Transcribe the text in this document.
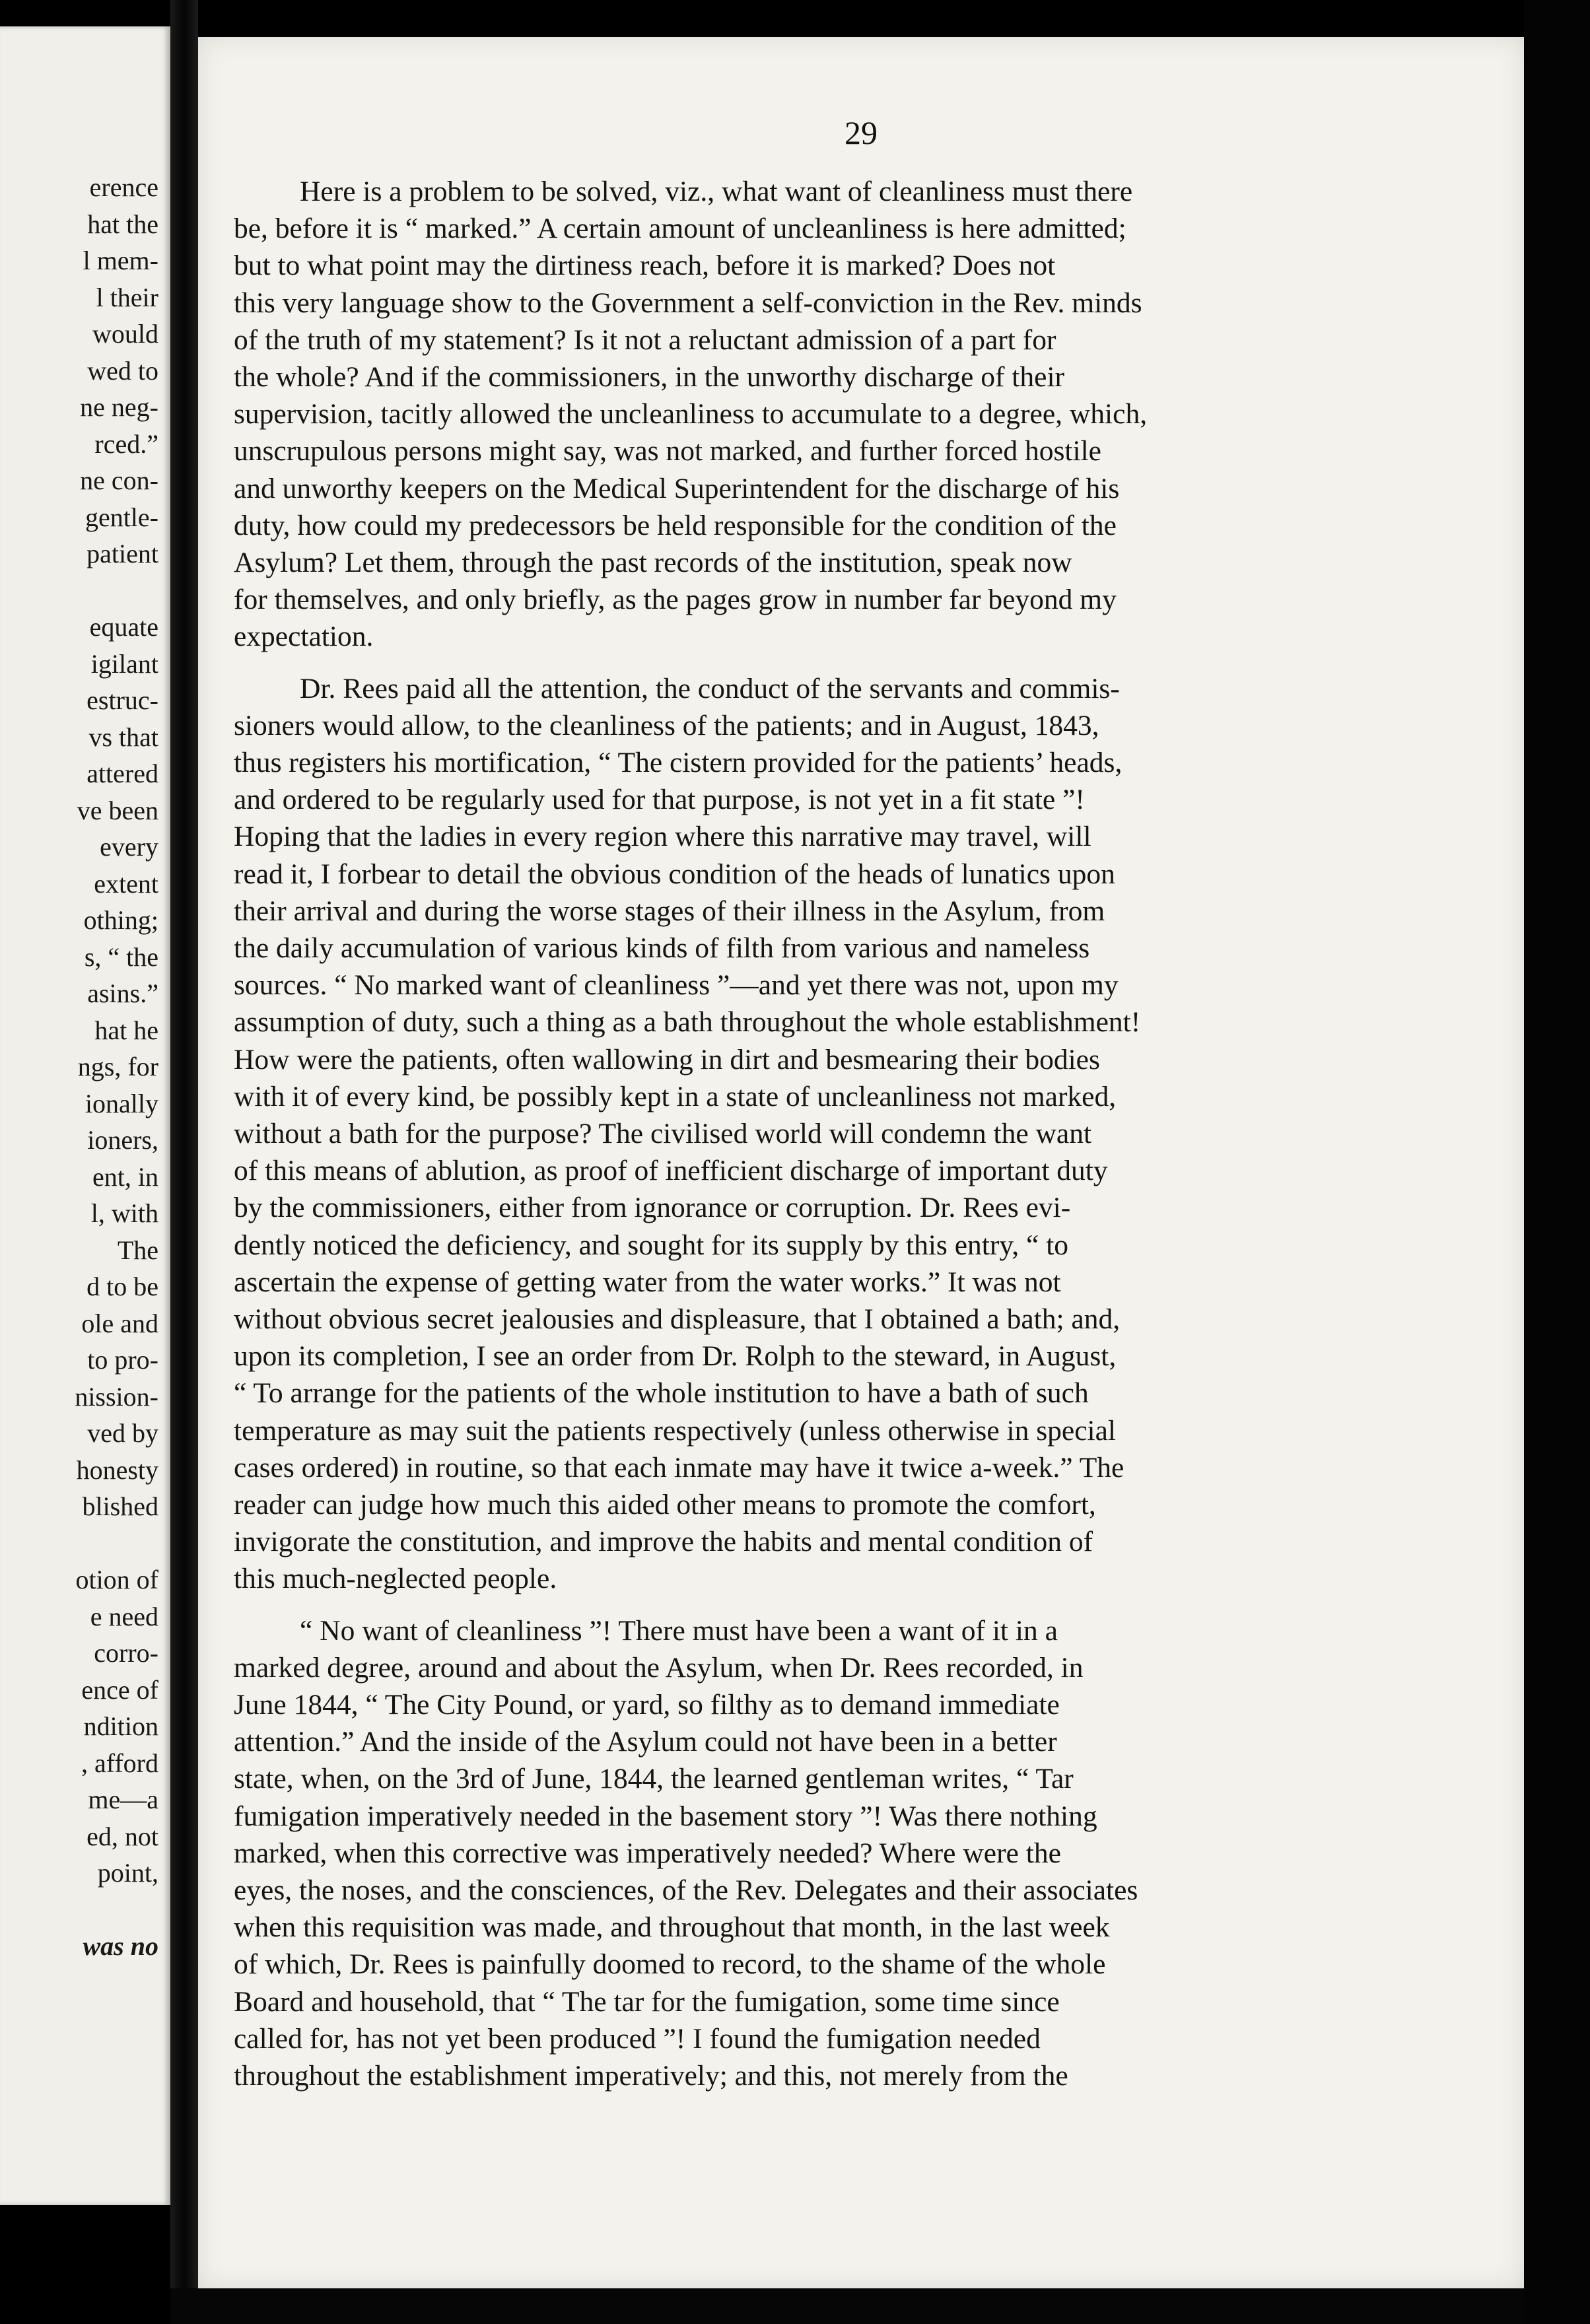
erence
hat the
l mem-
l their
would
wed to
ne neg-
rced.”
ne con-
gentle-
patient
equate
igilant
estruc-
vs that
attered
ve been
every
extent
othing;
s, “ the
asins.”
hat he
ngs, for
ionally
ioners,
ent, in
l, with
The
d to be
ole and
to pro-
nission-
ved by
honesty
blished
otion of
e need
corro-
ence of
ndition
, afford
me—a
ed, not
point,
was no
29
Here is a problem to be solved, viz., what want of cleanliness must there
be, before it is “ marked.” A certain amount of uncleanliness is here admitted;
but to what point may the dirtiness reach, before it is marked? Does not
this very language show to the Government a self-conviction in the Rev. minds
of the truth of my statement? Is it not a reluctant admission of a part for
the whole? And if the commissioners, in the unworthy discharge of their
supervision, tacitly allowed the uncleanliness to accumulate to a degree, which,
unscrupulous persons might say, was not marked, and further forced hostile
and unworthy keepers on the Medical Superintendent for the discharge of his
duty, how could my predecessors be held responsible for the condition of the
Asylum? Let them, through the past records of the institution, speak now
for themselves, and only briefly, as the pages grow in number far beyond my
expectation.
Dr. Rees paid all the attention, the conduct of the servants and commis-
sioners would allow, to the cleanliness of the patients; and in August, 1843,
thus registers his mortification, “ The cistern provided for the patients’ heads,
and ordered to be regularly used for that purpose, is not yet in a fit state ”!
Hoping that the ladies in every region where this narrative may travel, will
read it, I forbear to detail the obvious condition of the heads of lunatics upon
their arrival and during the worse stages of their illness in the Asylum, from
the daily accumulation of various kinds of filth from various and nameless
sources. “ No marked want of cleanliness ”—and yet there was not, upon my
assumption of duty, such a thing as a bath throughout the whole establishment!
How were the patients, often wallowing in dirt and besmearing their bodies
with it of every kind, be possibly kept in a state of uncleanliness not marked,
without a bath for the purpose? The civilised world will condemn the want
of this means of ablution, as proof of inefficient discharge of important duty
by the commissioners, either from ignorance or corruption. Dr. Rees evi-
dently noticed the deficiency, and sought for its supply by this entry, “ to
ascertain the expense of getting water from the water works.” It was not
without obvious secret jealousies and displeasure, that I obtained a bath; and,
upon its completion, I see an order from Dr. Rolph to the steward, in August,
“ To arrange for the patients of the whole institution to have a bath of such
temperature as may suit the patients respectively (unless otherwise in special
cases ordered) in routine, so that each inmate may have it twice a-week.” The
reader can judge how much this aided other means to promote the comfort,
invigorate the constitution, and improve the habits and mental condition of
this much-neglected people.
“ No want of cleanliness ”! There must have been a want of it in a
marked degree, around and about the Asylum, when Dr. Rees recorded, in
June 1844, “ The City Pound, or yard, so filthy as to demand immediate
attention.” And the inside of the Asylum could not have been in a better
state, when, on the 3rd of June, 1844, the learned gentleman writes, “ Tar
fumigation imperatively needed in the basement story ”! Was there nothing
marked, when this corrective was imperatively needed? Where were the
eyes, the noses, and the consciences, of the Rev. Delegates and their associates
when this requisition was made, and throughout that month, in the last week
of which, Dr. Rees is painfully doomed to record, to the shame of the whole
Board and household, that “ The tar for the fumigation, some time since
called for, has not yet been produced ”! I found the fumigation needed
throughout the establishment imperatively; and this, not merely from the
